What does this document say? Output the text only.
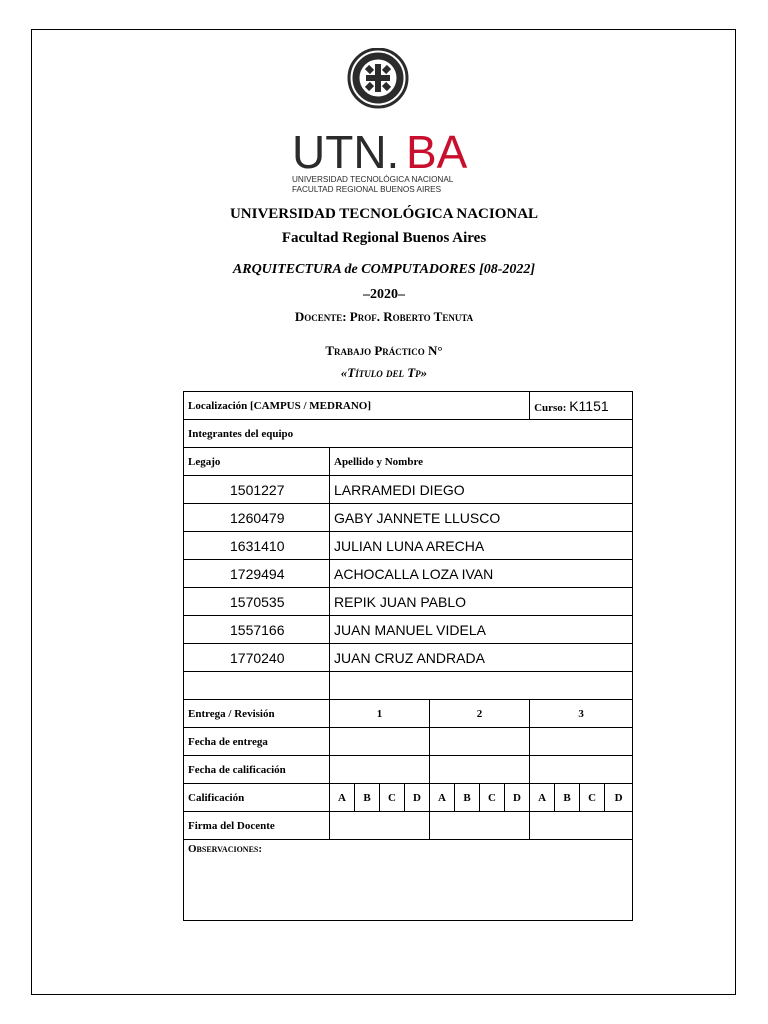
UTN. BA
UNIVERSIDAD TECNOLÓGICA NACIONAL
FACULTAD REGIONAL BUENOS AIRES
UNIVERSIDAD TECNOLÓGICA NACIONAL
Facultad Regional Buenos Aires
ARQUITECTURA de COMPUTADORES [08-2022]
–2020–
Docente: Prof. Roberto Tenuta
Trabajo Práctico N°
«Título del Tp»
Localización [CAMPUS / MEDRANO]									Curso: K1151			
Integrantes del equipo												
Legajo	Apellido y Nombre											
1501227	LARRAMEDI DIEGO											
1260479	GABY JANNETE LLUSCO											
1631410	JULIAN LUNA ARECHA											
1729494	ACHOCALLA LOZA IVAN											
1570535	REPIK JUAN PABLO											
1557166	JUAN MANUEL VIDELA											
1770240	JUAN CRUZ ANDRADA											

Entrega / Revisión	1				2				3			
Fecha de entrega												
Fecha de calificación												
Calificación	A	B	C	D	A	B	C	D	A	B	C	D
Firma del Docente												
Observaciones:												
